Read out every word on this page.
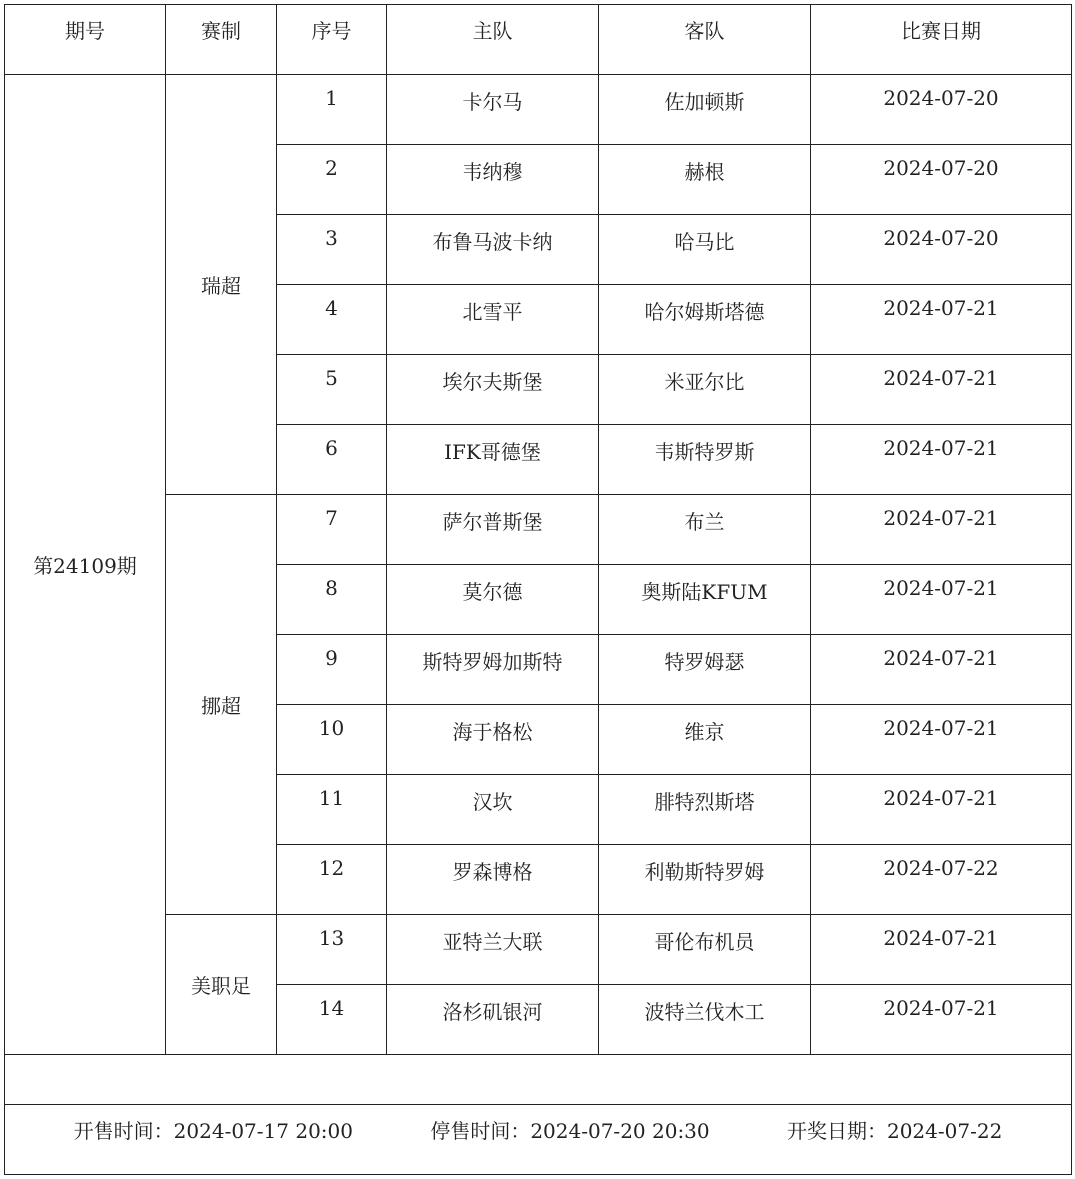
期号	赛制	序号	主队	客队	比赛日期
第24109期	瑞超	1	卡尔马	佐加顿斯	2024-07-20
		2	韦纳穆	赫根	2024-07-20
		3	布鲁马波卡纳	哈马比	2024-07-20
		4	北雪平	哈尔姆斯塔德	2024-07-21
		5	埃尔夫斯堡	米亚尔比	2024-07-21
		6	IFK哥德堡	韦斯特罗斯	2024-07-21
	挪超	7	萨尔普斯堡	布兰	2024-07-21
		8	莫尔德	奥斯陆KFUM	2024-07-21
		9	斯特罗姆加斯特	特罗姆瑟	2024-07-21
		10	海于格松	维京	2024-07-21
		11	汉坎	腓特烈斯塔	2024-07-21
		12	罗森博格	利勒斯特罗姆	2024-07-22
	美职足	13	亚特兰大联	哥伦布机员	2024-07-21
		14	洛杉矶银河	波特兰伐木工	2024-07-21

开售时间：2024-07-17 20:00 停售时间：2024-07-20 20:30 开奖日期：2024-07-22					
